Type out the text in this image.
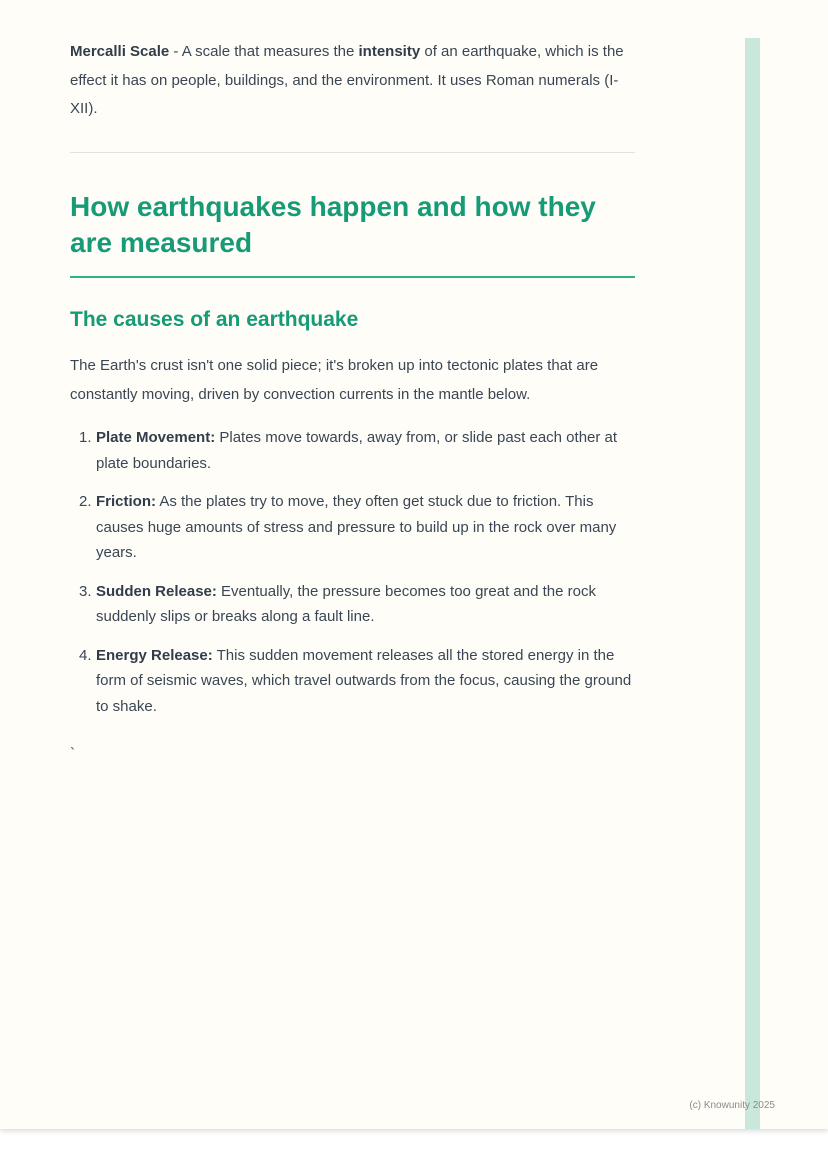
Mercalli Scale - A scale that measures the intensity of an earthquake, which is the effect it has on people, buildings, and the environment. It uses Roman numerals (I-XII).

How earthquakes happen and how they are measured
The causes of an earthquake

The Earth's crust isn't one solid piece; it's broken up into tectonic plates that are constantly moving, driven by convection currents in the mantle below.

1. Plate Movement: Plates move towards, away from, or slide past each other at plate boundaries.
2. Friction: As the plates try to move, they often get stuck due to friction. This causes huge amounts of stress and pressure to build up in the rock over many years.
3. Sudden Release: Eventually, the pressure becomes too great and the rock suddenly slips or breaks along a fault line.
4. Energy Release: This sudden movement releases all the stored energy in the form of seismic waves, which travel outwards from the focus, causing the ground to shake.

`

(c) Knowunity 2025
